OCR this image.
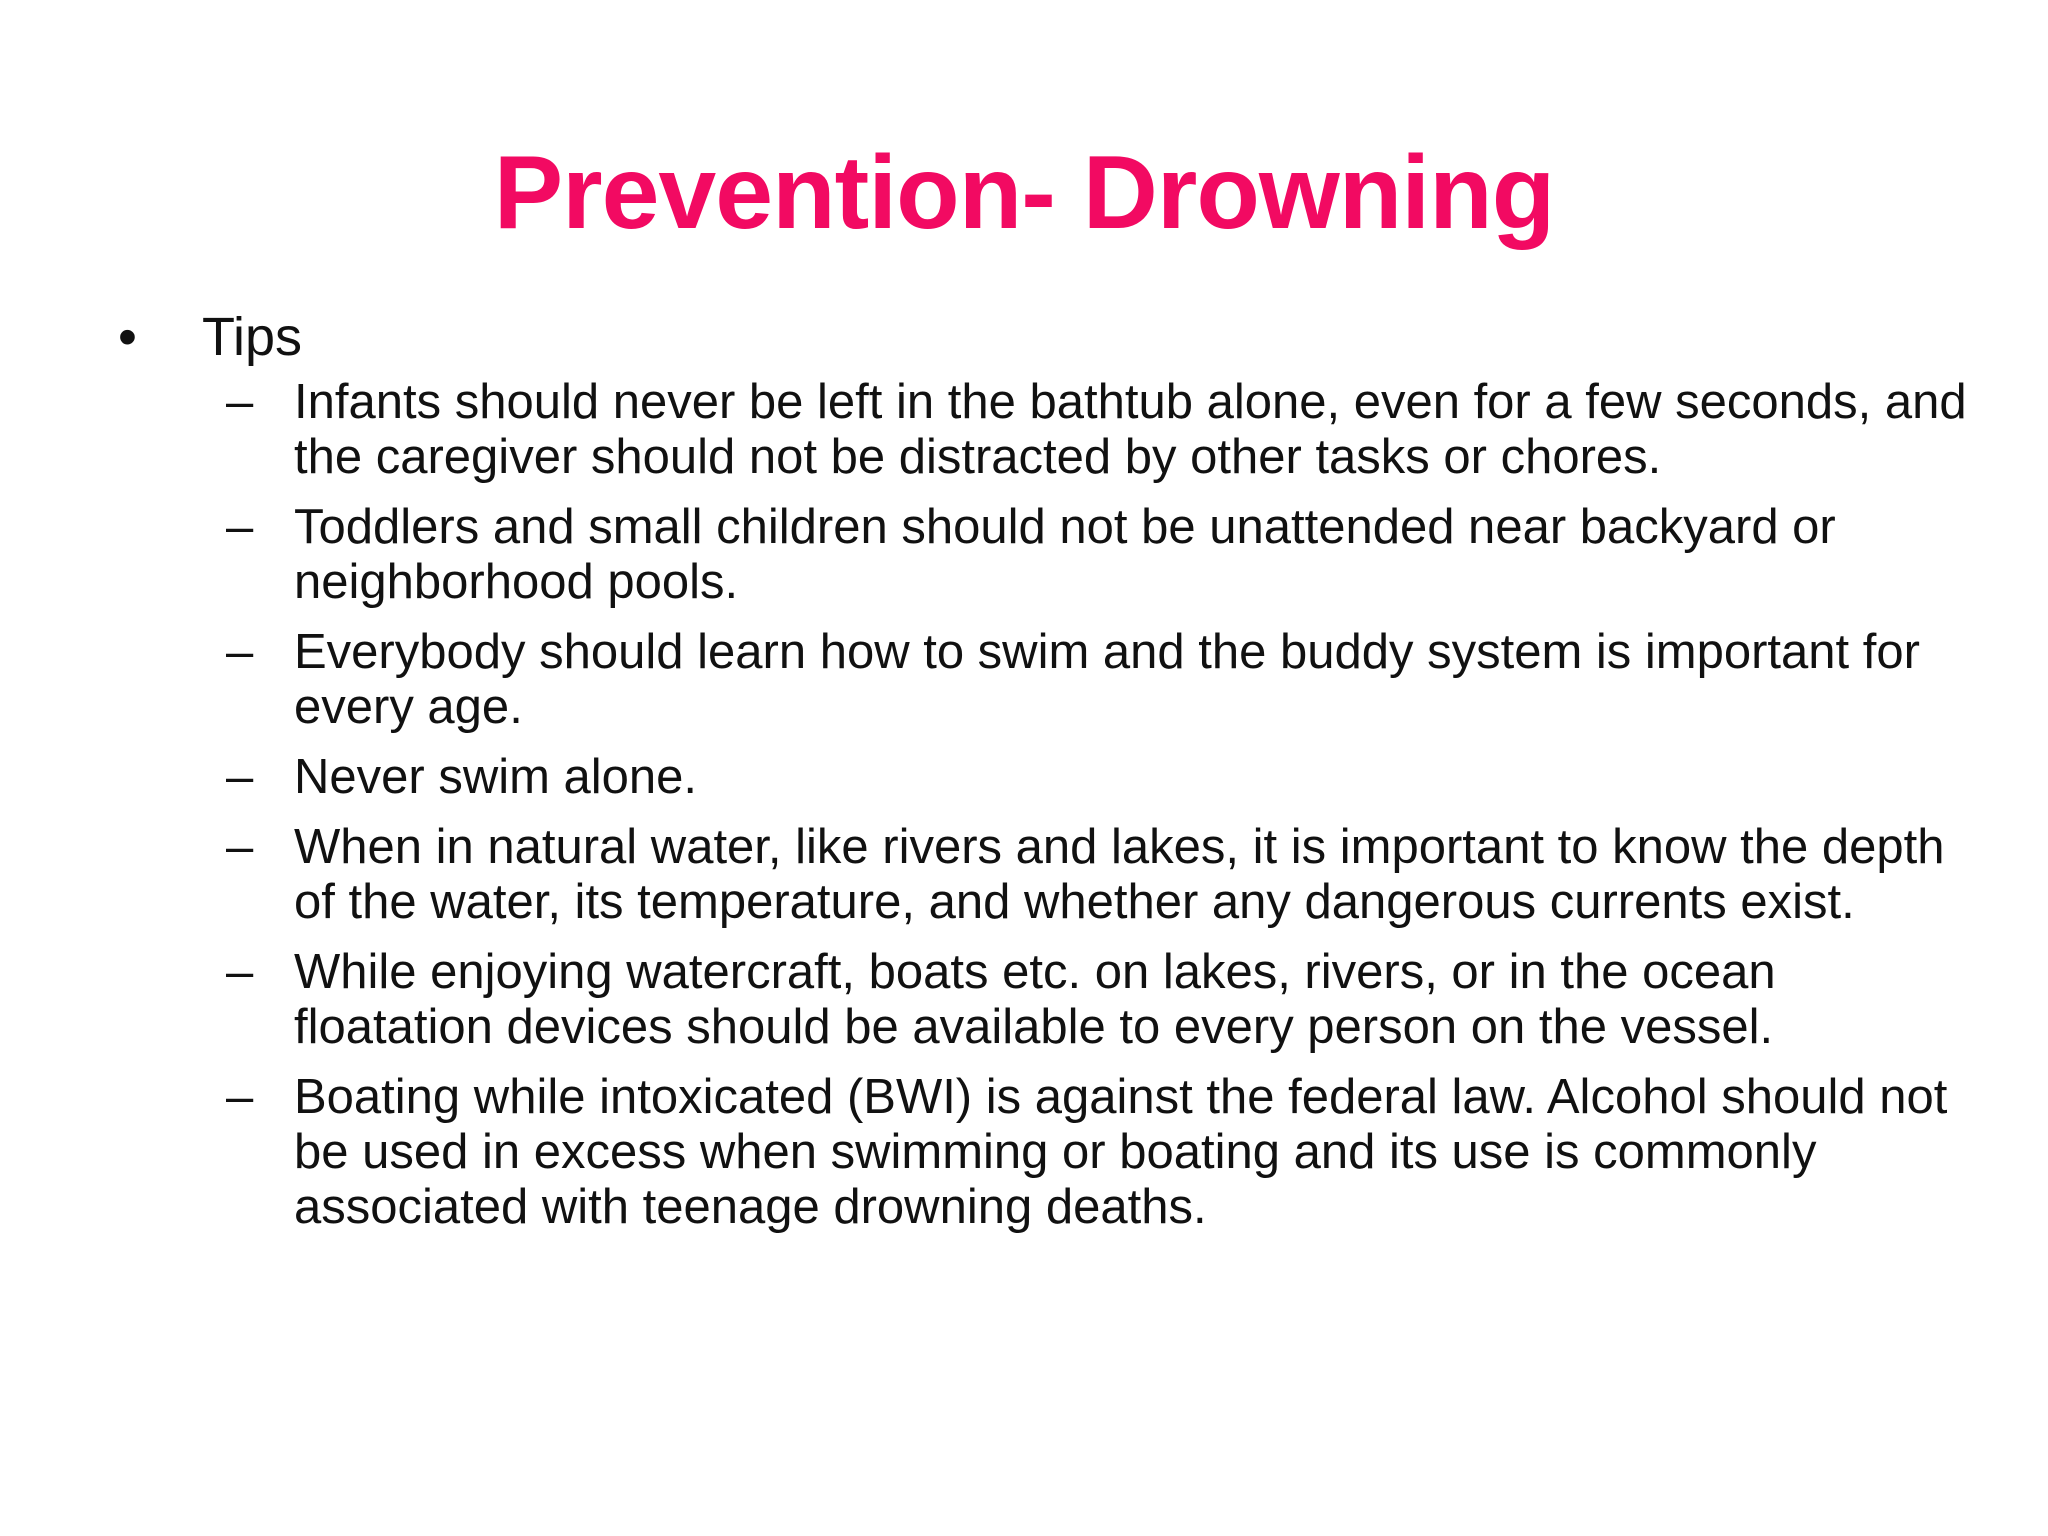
Prevention- Drowning
• Tips
– Infants should never be left in the bathtub alone, even for a few seconds, and the caregiver should not be distracted by other tasks or chores.
– Toddlers and small children should not be unattended near backyard or neighborhood pools.
– Everybody should learn how to swim and the buddy system is important for every age.
– Never swim alone.
– When in natural water, like rivers and lakes, it is important to know the depth of the water, its temperature, and whether any dangerous currents exist.
– While enjoying watercraft, boats etc. on lakes, rivers, or in the ocean floatation devices should be available to every person on the vessel.
– Boating while intoxicated (BWI) is against the federal law. Alcohol should not be used in excess when swimming or boating and its use is commonly associated with teenage drowning deaths.
